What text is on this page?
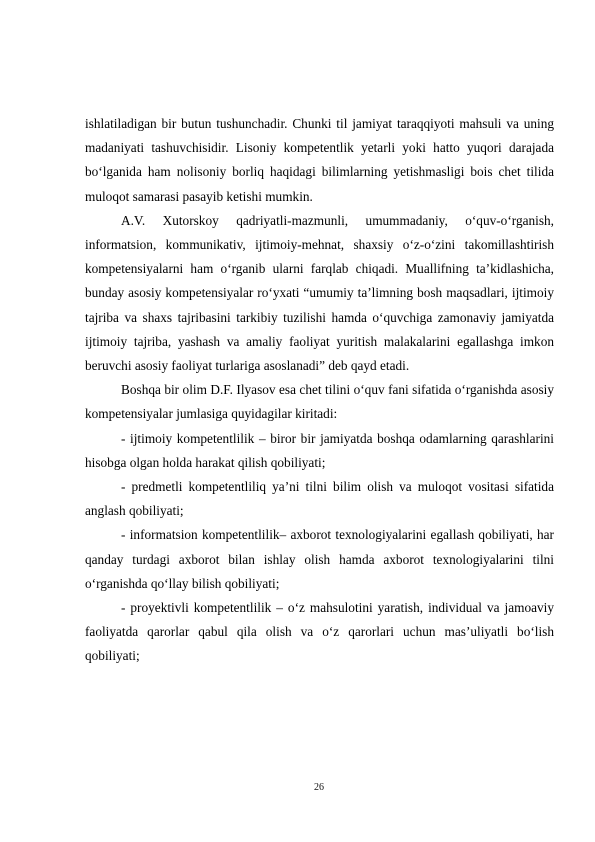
ishlatiladigan bir butun tushunchadir. Chunki til jamiyat taraqqiyoti mahsuli va uning madaniyati tashuvchisidir. Lisoniy kompetentlik yetarli yoki hatto yuqori darajada bo‘lganida ham nolisoniy borliq haqidagi bilimlarning yetishmasligi bois chet tilida muloqot samarasi pasayib ketishi mumkin.

A.V. Xutorskoy qadriyatli-mazmunli, umummadaniy, o‘quv-o‘rganish, informatsion, kommunikativ, ijtimoiy-mehnat, shaxsiy o‘z-o‘zini takomillashtirish kompetensiyalarni ham o‘rganib ularni farqlab chiqadi. Muallifning ta’kidlashicha, bunday asosiy kompetensiyalar ro‘yxati “umumiy ta’limning bosh maqsadlari, ijtimoiy tajriba va shaxs tajribasini tarkibiy tuzilishi hamda o‘quvchiga zamonaviy jamiyatda ijtimoiy tajriba, yashash va amaliy faoliyat yuritish malakalarini egallashga imkon beruvchi asosiy faoliyat turlariga asoslanadi” deb qayd etadi.

Boshqa bir olim D.F. Ilyasov esa chet tilini o‘quv fani sifatida o‘rganishda asosiy kompetensiyalar jumlasiga quyidagilar kiritadi:

- ijtimoiy kompetentlilik – biror bir jamiyatda boshqa odamlarning qarashlarini hisobga olgan holda harakat qilish qobiliyati;

- predmetli kompetentliliq ya’ni tilni bilim olish va muloqot vositasi sifatida anglash qobiliyati;

- informatsion kompetentlilik– axborot texnologiyalarini egallash qobiliyati, har qanday turdagi axborot bilan ishlay olish hamda axborot texnologiyalarini tilni o‘rganishda qo‘llay bilish qobiliyati;

- proyektivli kompetentlilik – o‘z mahsulotini yaratish, individual va jamoaviy faoliyatda qarorlar qabul qila olish va o‘z qarorlari uchun mas’uliyatli bo‘lish qobiliyati;

26
